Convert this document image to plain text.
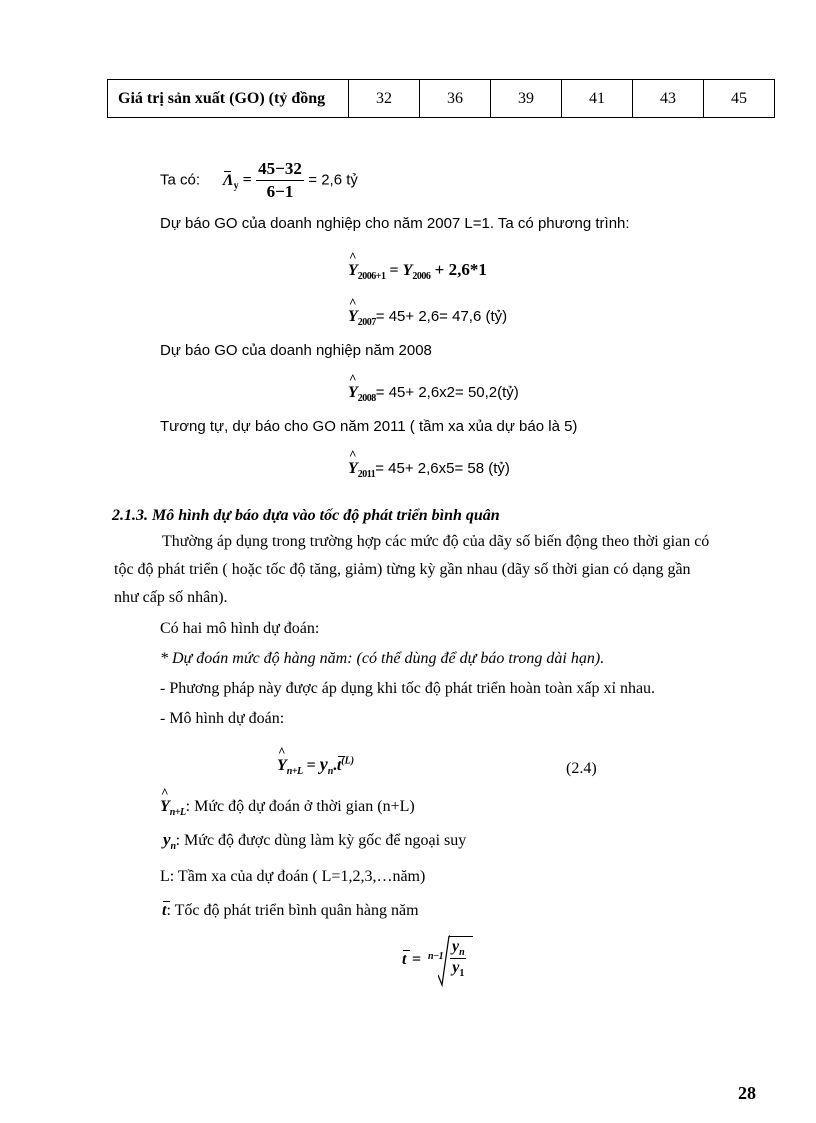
Giá trị sản xuất (GO) (tỷ đồng	32	36	39	41	43	45
Ta có: $\Lambda_y = \frac{45-32}{6-1} = 2,6$ tỷ
Dự báo GO của doanh nghiệp cho năm 2007 L=1. Ta có phương trình:
^ $Y_{2006+1} = Y_{2006} + 2,6*1$
^ $Y_{2007}= 45+ 2,6= 47,6$ (tỷ)
Dự báo GO của doanh nghiệp năm 2008
^ $Y_{2008}= 45+ 2,6x2=$ 50,2(tỷ)
Tương tự, dự báo cho GO năm 2011 ( tầm xa xủa dự báo là 5)
^ $Y_{2011}= 45+ 2,6x5= 58$ (tỷ)
2.1.3. Mô hình dự báo dựa vào tốc độ phát triển bình quân
Thường áp dụng trong trường hợp các mức độ của dãy số biến động theo thời gian có
tộc độ phát triển ( hoặc tốc độ tăng, giảm) từng kỳ gần nhau (dãy số thời gian có dạng gần
như cấp số nhân).
Có hai mô hình dự đoán:
* Dự đoán mức độ hàng năm: (có thể dùng để dự báo trong dài hạn).
- Phương pháp này được áp dụng khi tốc độ phát triển hoàn toàn xấp xỉ nhau.
- Mô hình dự đoán:
^ $Y_{n+L} = y_n.t^{(L)}$	(2.4)
^ $Y_{n+L}$: Mức độ dự đoán ở thời gian (n+L)
$y_n$: Mức độ được dùng làm kỳ gốc để ngoại suy
L: Tầm xa của dự đoán ( L=1,2,3,…năm)
t: Tốc độ phát triển bình quân hàng năm
$t = n-1 \frac{y_n}{y_1}$
28
